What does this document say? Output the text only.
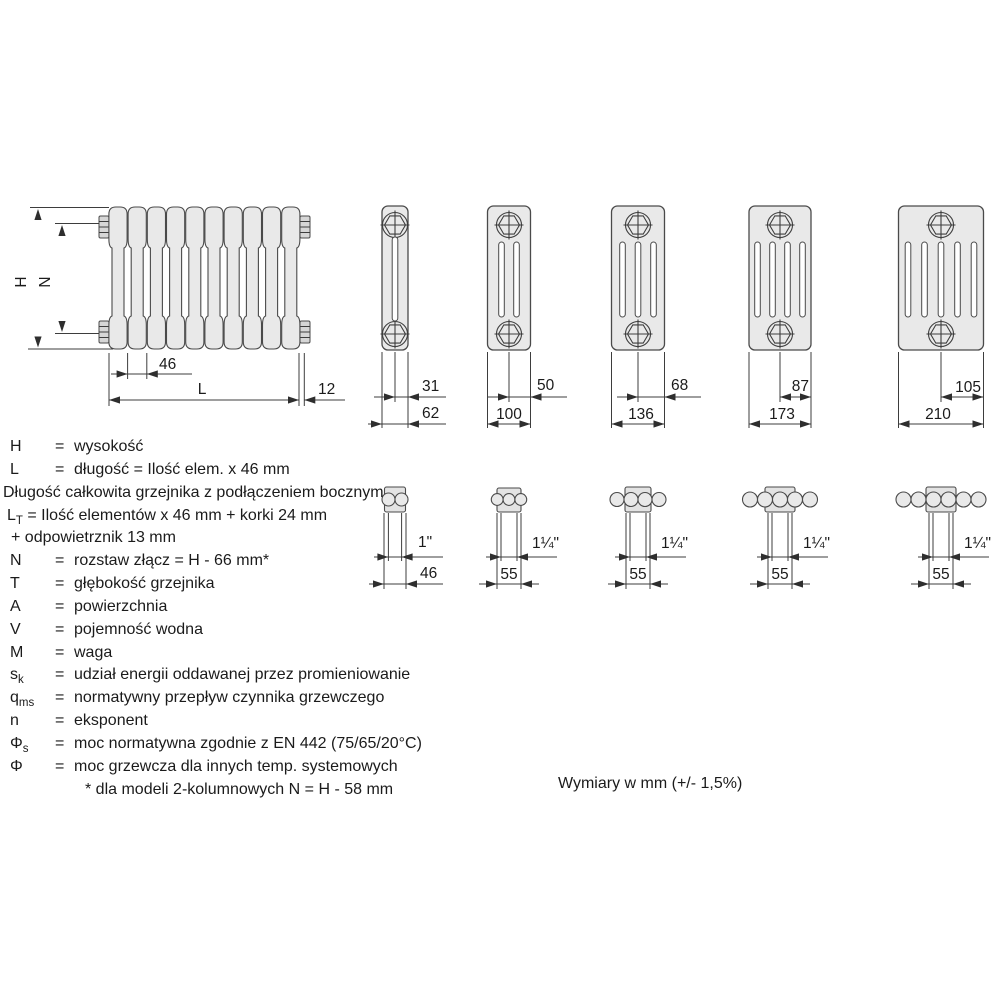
H N
46
L	12	31
62
50
100
68
136
87
173
105
210
1"
46
1¼"
55
1¼"
55
1¼"
55
1¼"
55
H = wysokość
L = długość = Ilość elem. x 46 mm
Długość całkowita grzejnika z podłączeniem bocznym
$L_T$ = Ilość elementów x 46 mm + korki 24 mm
+ odpowietrznik 13 mm
N = rozstaw złącz = H - 66 mm*
T = głębokość grzejnika
A = powierzchnia
V = pojemność wodna
M = waga
$s_k$ = udział energii oddawanej przez promieniowanie
$q_{ms}$ = normatywny przepływ czynnika grzewczego
n = eksponent
$\Phi_s$ = moc normatywna zgodnie z EN 442 (75/65/20°C)
Φ = moc grzewcza dla innych temp. systemowych
* dla modeli 2-kolumnowych N = H - 58 mm	Wymiary w mm (+/- 1,5%)
